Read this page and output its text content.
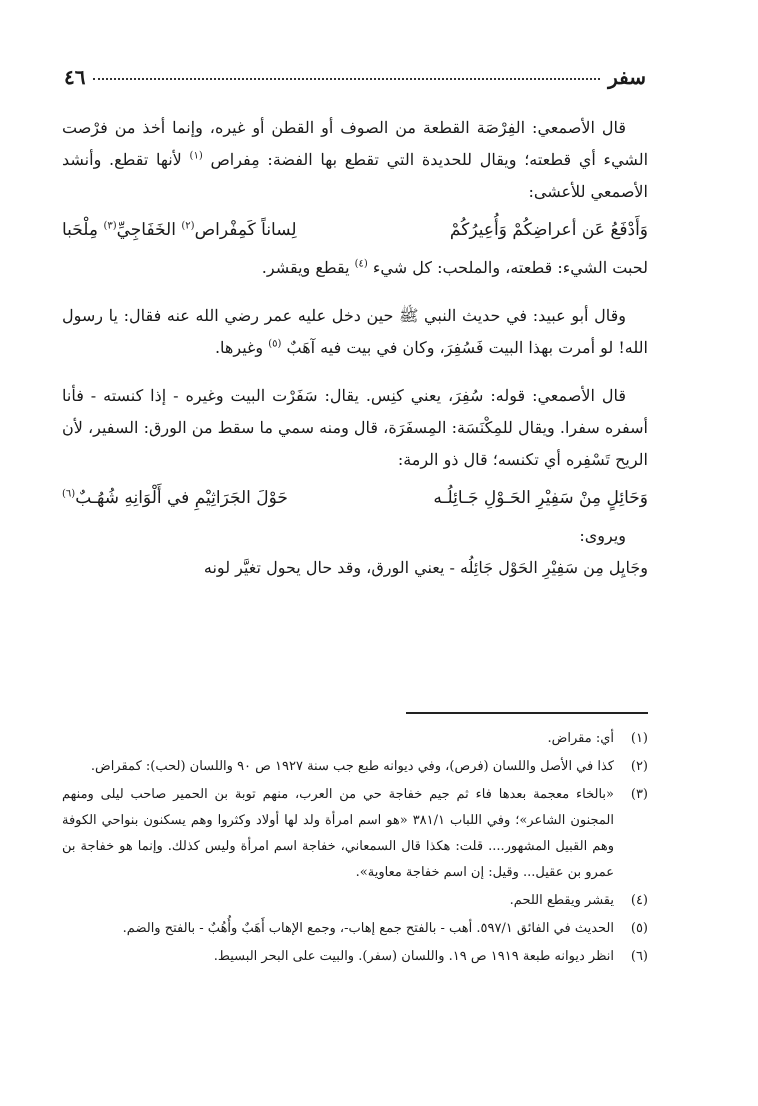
سفر
٤٦

قال الأصمعي: الفِرْصَة القطعة من الصوف أو القطن أو غيره، وإنما أخذ من فرْصت الشيء أي قطعته؛ ويقال للحديدة التي تقطع بها الفضة: مِفراص $^{(١)}$ لأنها تقطع. وأنشد الأصمعي للأعشى:

وَأَدْفَعُ عَن أعراضِكُمْ وَأُعِيرُكُمْ
لِساناً كَمِفْراص$^{(٢)}$ الخَفَاجِيِّ$^{(٣)}$ مِلْحَبا

لحبت الشيء: قطعته، والملحب: كل شيء $^{(٤)}$ يقطع ويقشر.

وقال أبو عبيد: في حديث النبي ﷺ حين دخل عليه عمر رضي الله عنه فقال: يا رسول الله! لو أمرت بهذا البيت فَسُفِرَ، وكان في بيت فيه آهَبٌ $^{(٥)}$ وغيرها.

قال الأصمعي: قوله: سُفِرَ، يعني كنِس. يقال: سَفَرْت البيت وغيره - إذا كنسته - فأنا أسفره سفرا. ويقال للمِكْنَسَة: المِسفَرَة، قال ومنه سمي ما سقط من الورق: السفير، لأن الريح تَسْفِره أي تكنسه؛ قال ذو الرمة:

وَحَائِلٍ مِنْ سَفِيْرِ الحَـوْلِ جَـائِلُـه
حَوْلَ الجَرَاثِيْمِ في أَلْوَانِهِ شُهُـبٌ$^{(٦)}$

ويروى:

وجَايِل مِن سَفِيْرِ الحَوْل جَائِلُه - يعني الورق، وقد حال يحول تغيَّر لونه

(١)
أي: مقراض.
(٢)
كذا في الأصل واللسان (فرص)، وفي ديوانه طبع جب سنة ١٩٢٧ ص ٩٠ واللسان (لحب): كمقراض.
(٣)
«بالخاء معجمة بعدها فاء ثم جيم خفاجة حي من العرب، منهم توبة بن الحمير صاحب ليلى ومنهم المجنون الشاعر»؛ وفي اللباب ٣٨١/١ «هو اسم امرأة ولد لها أولاد وكثروا وهم يسكنون بنواحي الكوفة وهم القبيل المشهور.... قلت: هكذا قال السمعاني، خفاجة اسم امرأة وليس كذلك. وإنما هو خفاجة بن عمرو بن عقيل... وقيل: إن اسم خفاجة معاوية».
(٤)
يقشر ويقطع اللحم.
(٥)
الحديث في الفائق ٥٩٧/١. أهب - بالفتح جمع إهاب-، وجمع الإهاب أَهَبٌ وأُهُبٌ - بالفتح والضم.
(٦)
انظر ديوانه طبعة ١٩١٩ ص ١٩. واللسان (سفر). والبيت على البحر البسيط.
